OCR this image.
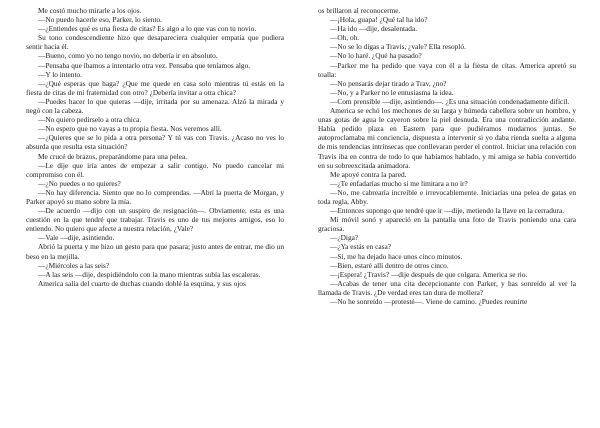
Me costó mucho mirarle a los ojos.

—No puedo hacerle eso, Parker, lo siento.

—¿Entiendes qué es una fiesta de citas? Es algo a lo que vas con tu novio.

Su tono condescendiente hizo que desapareciera cualquier empatía que pudiera sentir hacia él.

—Bueno, como yo no tengo novio, no debería ir en absoluto.

—Pensaba que íbamos a intentarlo otra vez. Pensaba que teníamos algo.

—Y lo intento.

—¿Qué esperas que haga? ¿Que me quede en casa solo mientras tú estás en la fiesta de citas de mi fraternidad con otro? ¿Debería invitar a otra chica?

—Puedes hacer lo que quieras —dije, irritada por su amenaza. Alzó la mirada y negó con la cabeza.

—No quiero pedírselo a otra chica.

—No espero que no vayas a tu propia fiesta. Nos veremos allí.

—¿Quieres que se lo pida a otra persona? Y tú vas con Travis. ¿Acaso no ves lo absurda que resulta esta situación?

Me crucé de brazos, preparándome para una pelea.

—Le dije que iría antes de empezar a salir contigo. No puedo cancelar mi compromiso con él.

—¿No puedes o no quieres?

—No hay diferencia. Siento que no lo comprendas. —Abrí la puerta de Morgan, y Parker apoyó su mano sobre la mía.

—De acuerdo —dijo con un suspiro de resignación—. Obviamente, esta es una cuestión en la que tendré que trabajar. Travis es uno de tus mejores amigos, eso lo entiendo. No quiero que afecte a nuestra relación, ¿Vale?

—Vale —dije, asintiendo.

Abrió la puerta y me hizo un gesto para que pasara; justo antes de entrar, me dio un beso en la mejilla.

—¿Miércoles a las seis?

—A las seis —dije, despidiéndolo con la mano mientras subía las escaleras.

America salía del cuarto de duchas cuando doblé la esquina, y sus ojos

os brillaron al reconocerme.

—¡Hola, guapa! ¿Qué tal ha ido?

—Ha ido —dije, desalentada.

—Oh, oh.

—No se lo digas a Travis, ¿vale? Ella resopló.

—No lo haré. ¿Qué ha pasado?

—Parker me ha pedido que vaya con él a la fiesta de citas. America apretó su toalla:

—No pensarás dejar tirado a Trav, ¿no?

—No, y a Parker no le entusiasma la idea.

—Com prensible —dije, asintiendo—. ¿Es una situación condenadamente difícil.

America se echó los mechones de su larga y húmeda cabellera sobre un hombro, y unas gotas de agua le cayeron sobre la piel desnuda. Era una contradicción andante. Había pedido plaza en Eastern para que pudiéramos mudarnos juntas. Se autoproclamaba mi conciencia, dispuesta a intervenir si yo daba rienda suelta a alguna de mis tendencias intrínsecas que conllevaran perder el control. Iniciar una relación con Travis iba en contra de todo lo que habíamos hablado, y mi amiga se había convertido en su sobreexcitada animadora.

Me apoyé contra la pared.

—¿Te enfadarías mucho si me limitara a no ir?

—No, me cabrearía increíble e irrevocablemente. Iniciarías una pelea de gatas en toda regla, Abby.

—Entonces supongo que tendré que ir —dije, metiendo la llave en la cerradura.

Mi móvil sonó y apareció en la pantalla una foto de Travis poniendo una cara graciosa.

—¿Diga?

—¿Ya estás en casa?

—Sí, me ha dejado hace unos cinco minutos.

—Bien, estaré allí dentro de otros cinco.

—¡Espera! ¿Travis? —dije después de que colgara. America se rio.

—Acabas de tener una cita decepcionante con Parker, y has sonreído al ver la llamada de Travis. ¿De verdad eres tan dura de mollera?

—No he sonreído —protesté—. Viene de camino. ¿Puedes reunirte
